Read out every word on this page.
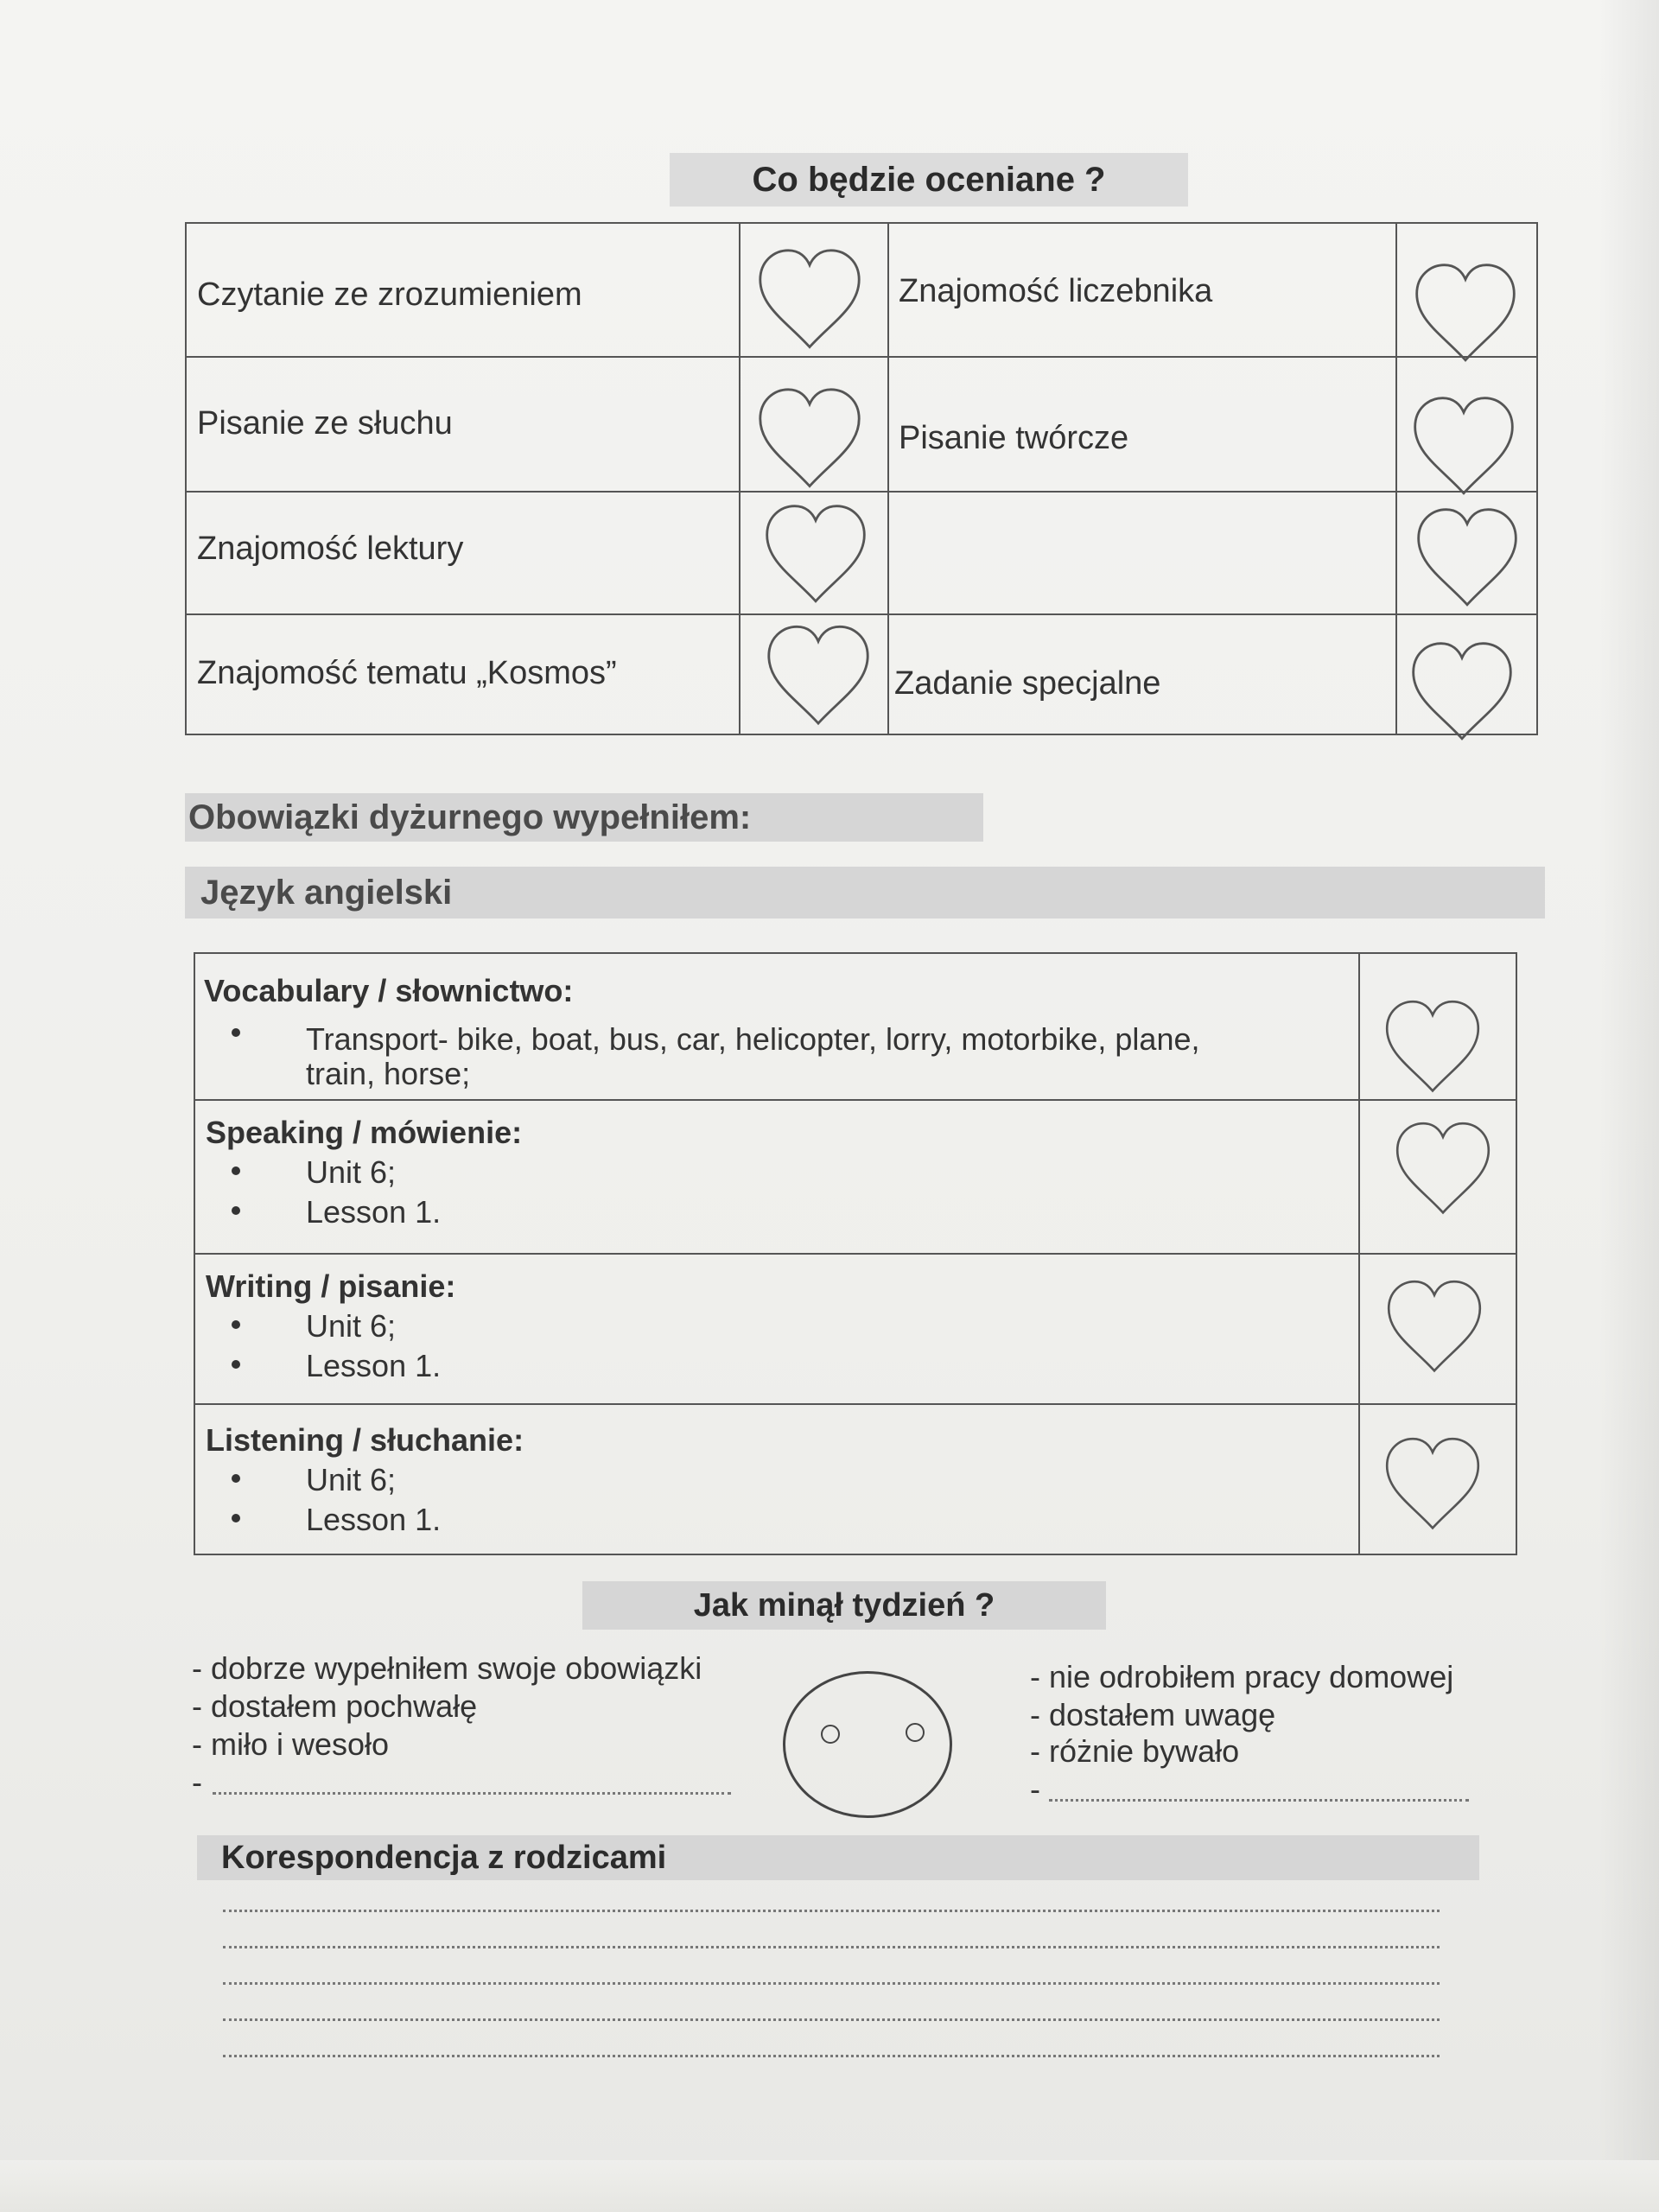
Co będzie oceniane ?
Czytanie ze zrozumieniem
Pisanie ze słuchu
Znajomość lektury
Znajomość tematu „Kosmos”
Znajomość liczebnika
Pisanie twórcze
Zadanie specjalne
Obowiązki dyżurnego wypełniłem:
Język angielski
Vocabulary / słownictwo:
Transport- bike, boat, bus, car, helicopter, lorry, motorbike, plane,
train, horse;
Speaking / mówienie:
Unit 6;
Lesson 1.
Writing / pisanie:
Unit 6;
Lesson 1.
Listening / słuchanie:
Unit 6;
Lesson 1.
Jak minął tydzień ?
- dobrze wypełniłem swoje obowiązki
- dostałem pochwałę
- miło i wesoło
-
- nie odrobiłem pracy domowej
- dostałem uwagę
- różnie bywało
-
Korespondencja z rodzicami
